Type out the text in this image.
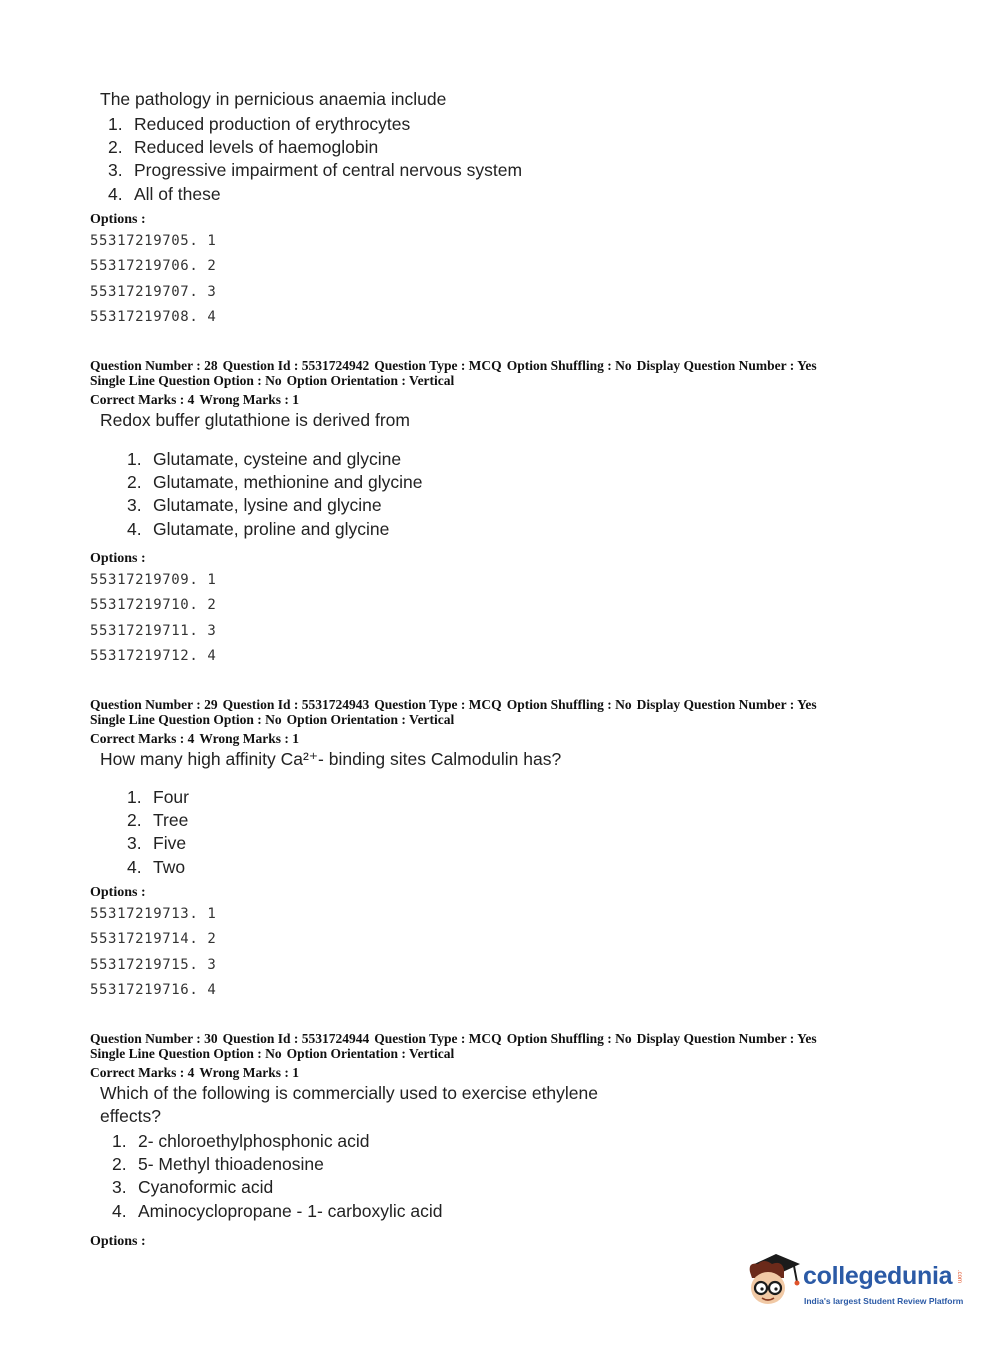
The pathology in pernicious anaemia include
1. Reduced production of erythrocytes
2. Reduced levels of haemoglobin
3. Progressive impairment of central nervous system
4. All of these
Options :
55317219705. 1
55317219706. 2
55317219707. 3
55317219708. 4
Question Number : 28 Question Id : 5531724942 Question Type : MCQ Option Shuffling : No Display Question Number : Yes
Single Line Question Option : No Option Orientation : Vertical
Correct Marks : 4 Wrong Marks : 1
Redox buffer glutathione is derived from
1. Glutamate, cysteine and glycine
2. Glutamate, methionine and glycine
3. Glutamate, lysine and glycine
4. Glutamate, proline and glycine
Options :
55317219709. 1
55317219710. 2
55317219711. 3
55317219712. 4
Question Number : 29 Question Id : 5531724943 Question Type : MCQ Option Shuffling : No Display Question Number : Yes
Single Line Question Option : No Option Orientation : Vertical
Correct Marks : 4 Wrong Marks : 1
How many high affinity Ca²⁺- binding sites Calmodulin has?
1. Four
2. Tree
3. Five
4. Two
Options :
55317219713. 1
55317219714. 2
55317219715. 3
55317219716. 4
Question Number : 30 Question Id : 5531724944 Question Type : MCQ Option Shuffling : No Display Question Number : Yes
Single Line Question Option : No Option Orientation : Vertical
Correct Marks : 4 Wrong Marks : 1
Which of the following is commercially used to exercise ethylene
effects?
1. 2- chloroethylphosphonic acid
2. 5- Methyl thioadenosine
3. Cyanoformic acid
4. Aminocyclopropane - 1- carboxylic acid
Options :
collegedunia .com
India's largest Student Review Platform
